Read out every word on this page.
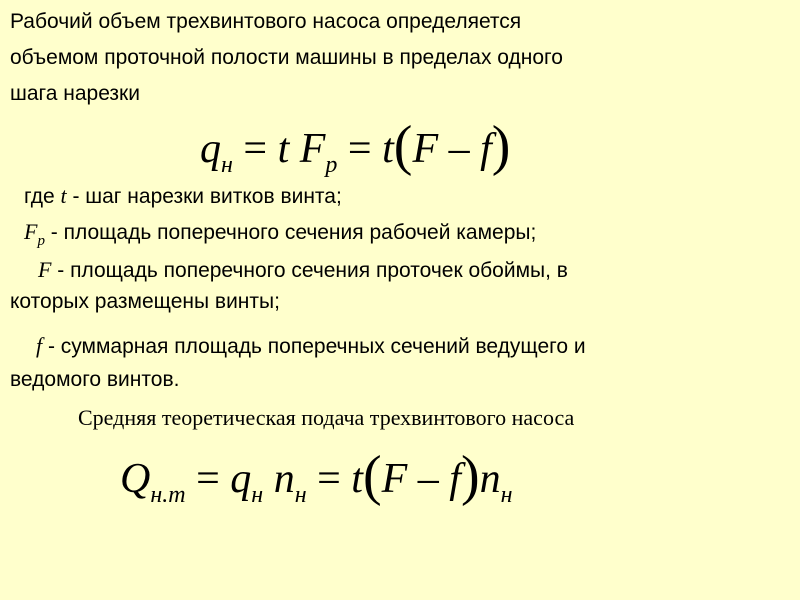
Рабочий объем трехвинтового насоса определяется

объемом проточной полости машины в пределах одного

шага нарезки

$q_н = t$ $F_p = t(F - f)$

где t - шаг нарезки витков винта;

$F_p$ - площадь поперечного сечения рабочей камеры;

F - площадь поперечного сечения проточек обоймы, в

которых размещены винты;

f - суммарная площадь поперечных сечений ведущего и

ведомого винтов.

Средняя теоретическая подача трехвинтового насоса

$Q_{н.т} = q_н$ $n_н = t(F - f)n_н$
